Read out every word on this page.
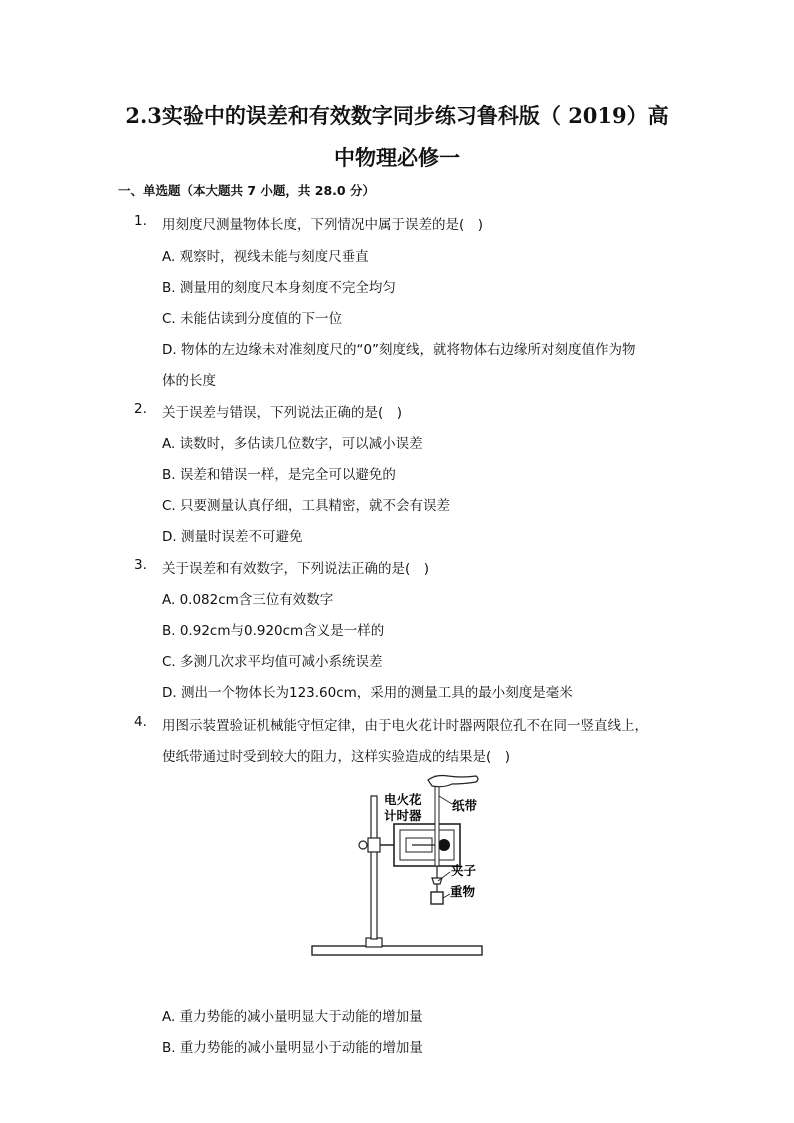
2.3实验中的误差和有效数字同步练习鲁科版（ 2019）高
中物理必修一
一、单选题（本大题共 7 小题，共 28.0 分）
1. 用刻度尺测量物体长度，下列情况中属于误差的是(　)
A. 观察时，视线未能与刻度尺垂直
B. 测量用的刻度尺本身刻度不完全均匀
C. 未能估读到分度值的下一位
D. 物体的左边缘未对准刻度尺的“0”刻度线，就将物体右边缘所对刻度值作为物
体的长度
2. 关于误差与错误，下列说法正确的是(　)
A. 读数时，多估读几位数字，可以减小误差
B. 误差和错误一样，是完全可以避免的
C. 只要测量认真仔细，工具精密，就不会有误差
D. 测量时误差不可避免
3. 关于误差和有效数字，下列说法正确的是(　)
A. 0.082cm含三位有效数字
B. 0.92cm与0.920cm含义是一样的
C. 多测几次求平均值可减小系统误差
D. 测出一个物体长为123.60cm，采用的测量工具的最小刻度是毫米
4. 用图示装置验证机械能守恒定律，由于电火花计时器两限位孔不在同一竖直线上，
使纸带通过时受到较大的阻力，这样实验造成的结果是(　)
电火花
计时器
纸带
夹子
重物
A. 重力势能的减小量明显大于动能的增加量
B. 重力势能的减小量明显小于动能的增加量
